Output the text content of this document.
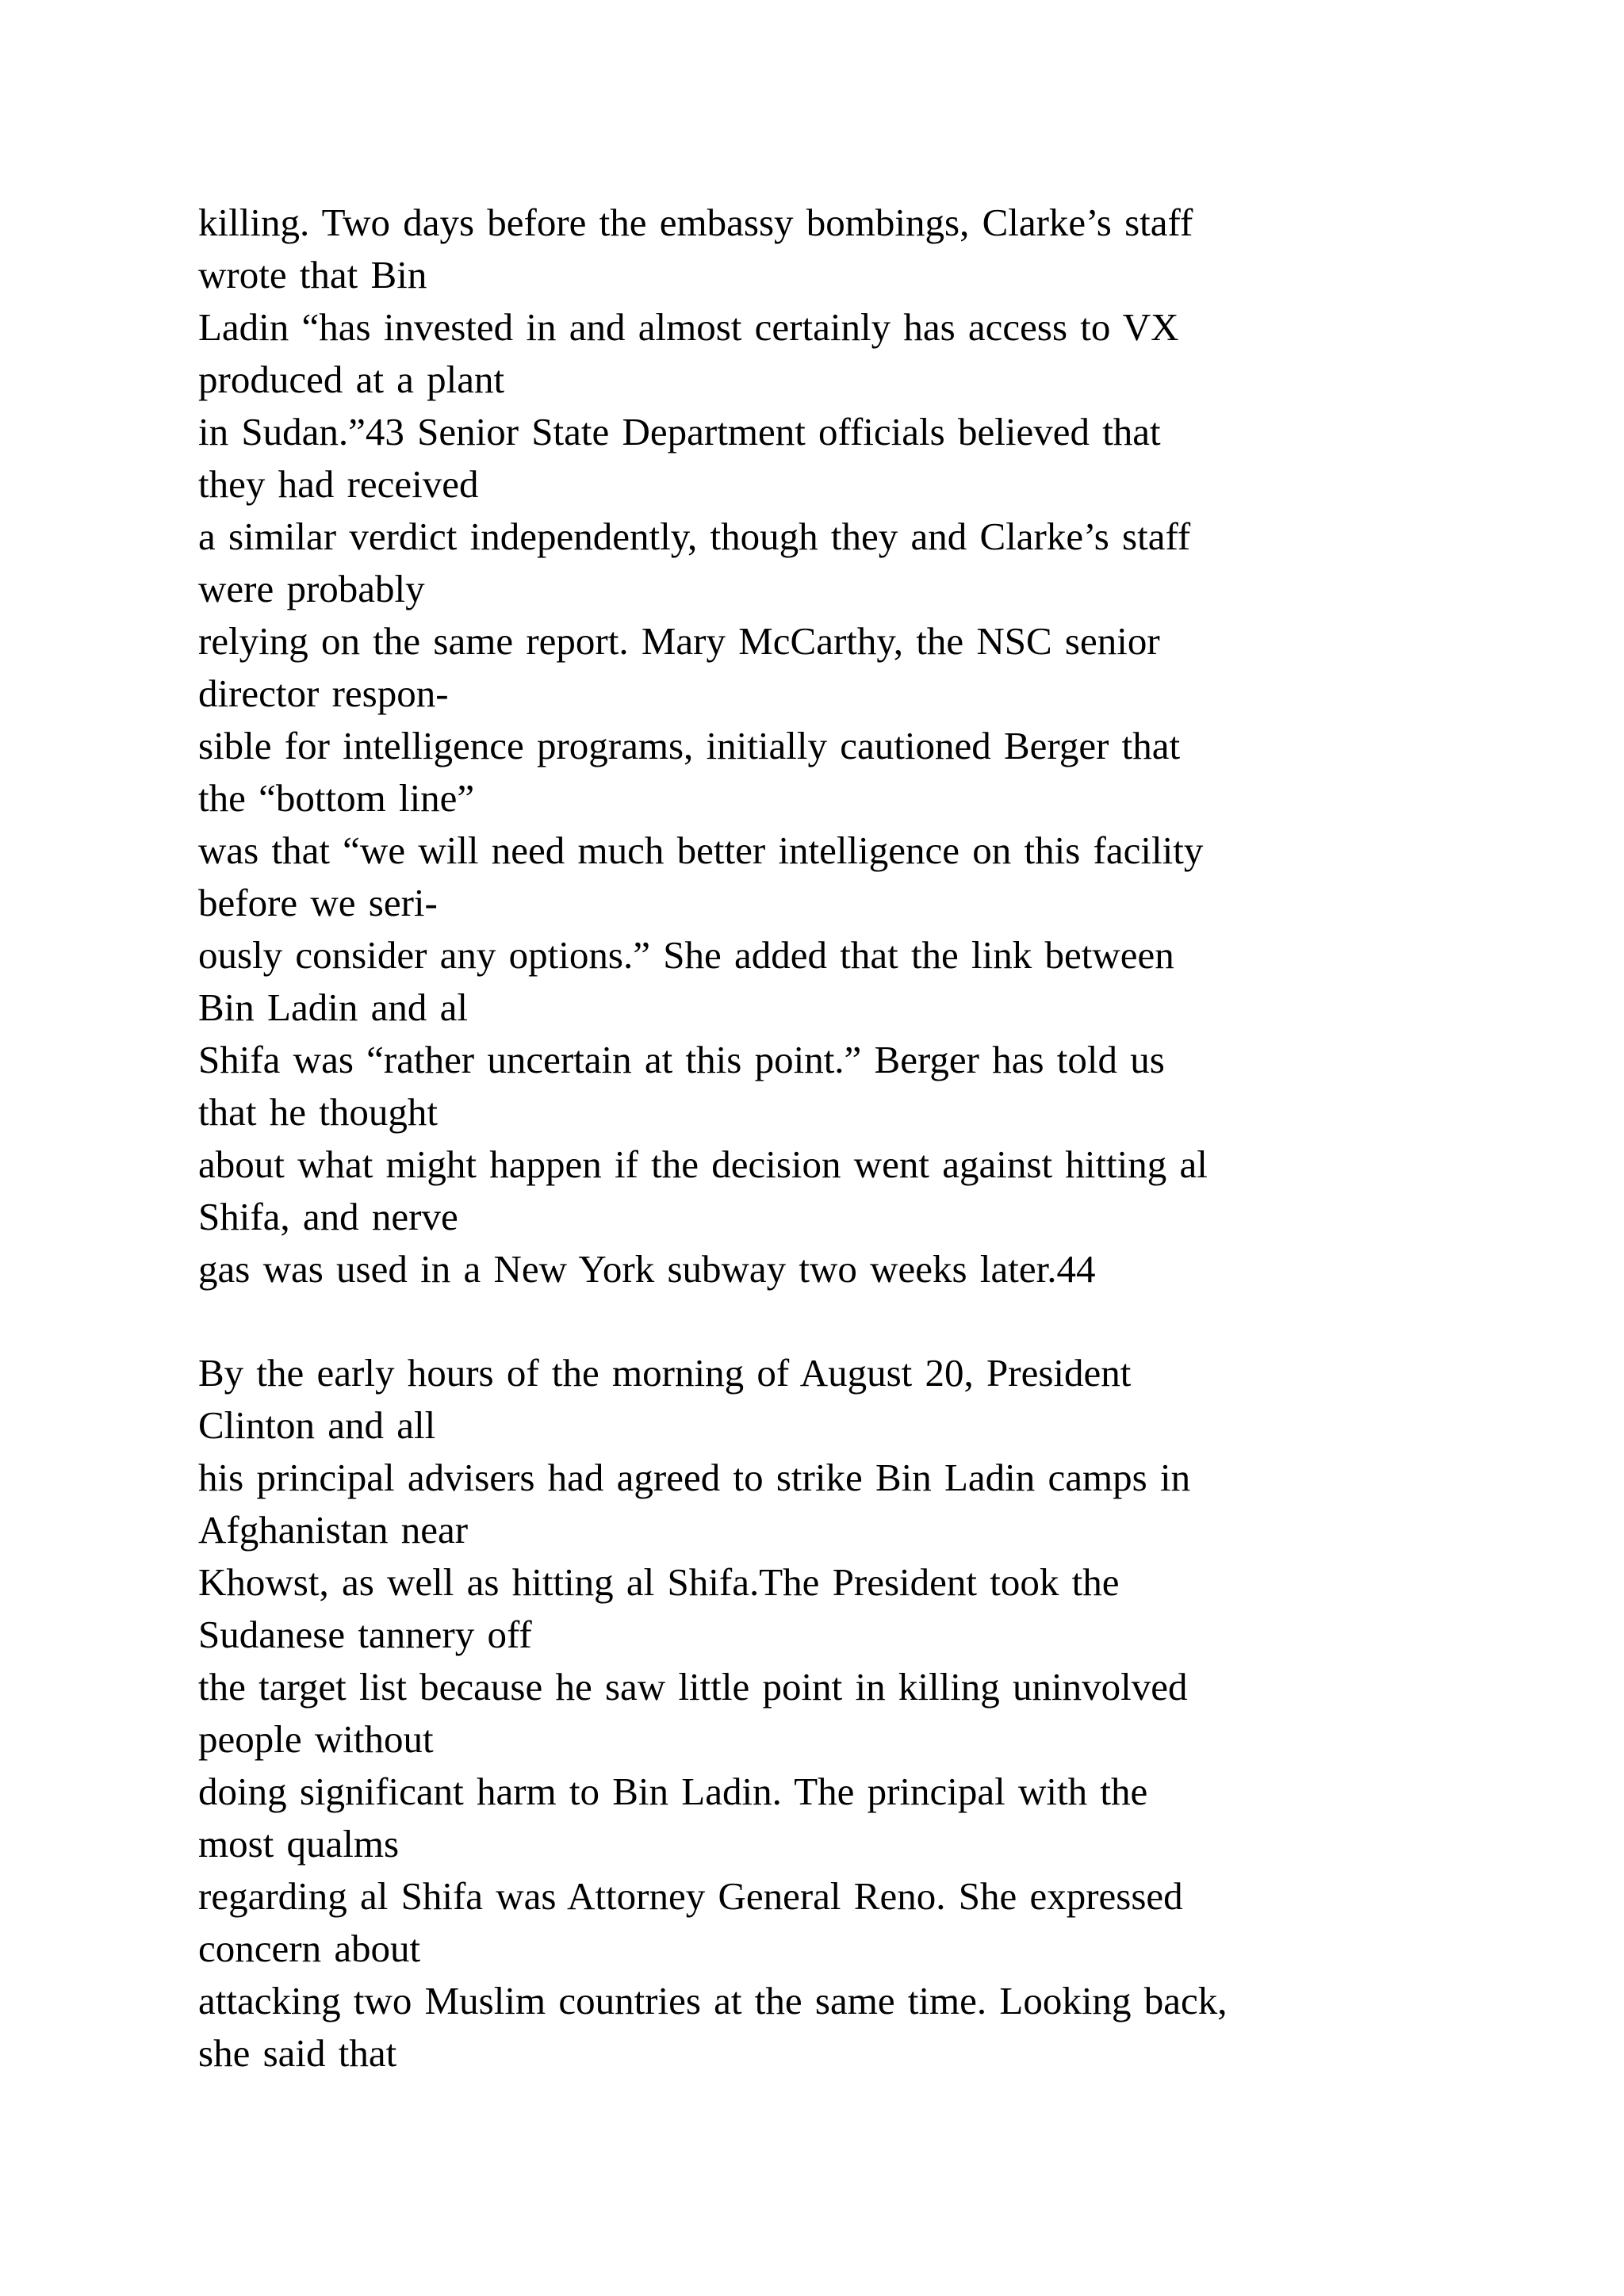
killing. Two days before the embassy bombings, Clarke’s staff
wrote that Bin
Ladin “has invested in and almost certainly has access to VX
produced at a plant
in Sudan.”43 Senior State Department officials believed that
they had received
a similar verdict independently, though they and Clarke’s staff
were probably
relying on the same report. Mary McCarthy, the NSC senior
director respon-
sible for intelligence programs, initially cautioned Berger that
the “bottom line”
was that “we will need much better intelligence on this facility
before we seri-
ously consider any options.” She added that the link between
Bin Ladin and al
Shifa was “rather uncertain at this point.” Berger has told us
that he thought
about what might happen if the decision went against hitting al
Shifa, and nerve
gas was used in a New York subway two weeks later.44
By the early hours of the morning of August 20, President
Clinton and all
his principal advisers had agreed to strike Bin Ladin camps in
Afghanistan near
Khowst, as well as hitting al Shifa.The President took the
Sudanese tannery off
the target list because he saw little point in killing uninvolved
people without
doing significant harm to Bin Ladin. The principal with the
most qualms
regarding al Shifa was Attorney General Reno. She expressed
concern about
attacking two Muslim countries at the same time. Looking back,
she said that
